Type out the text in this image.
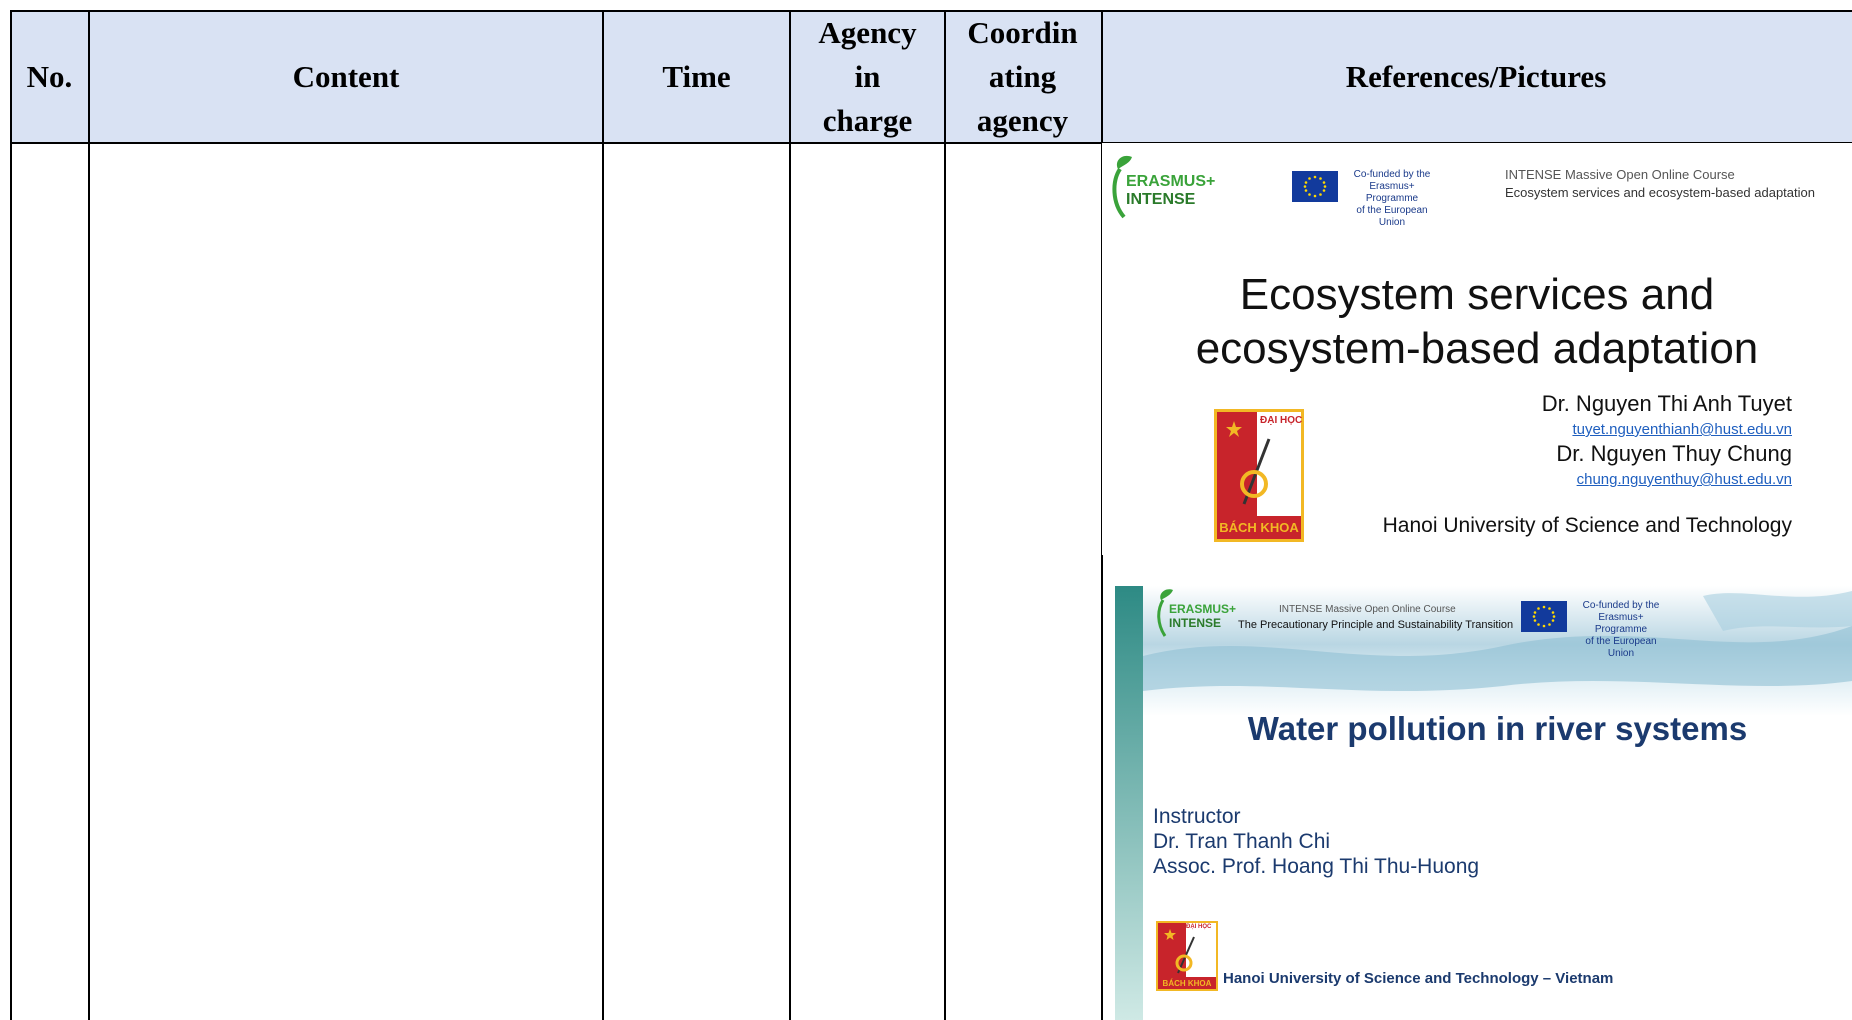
No.	Content	Time
Agency
in
charge
Coordin
ating
agency
References/Pictures
ERASMUS+
INTENSE
Co-funded by the
Erasmus+ Programme
of the European Union
INTENSE Massive Open Online Course
Ecosystem services and ecosystem-based adaptation
Ecosystem services and
ecosystem-based adaptation
ĐẠI HỌC
BÁCH KHOA
Dr. Nguyen Thi Anh Tuyet
tuyet.nguyenthianh@hust.edu.vn
Dr. Nguyen Thuy Chung
chung.nguyenthuy@hust.edu.vn
Hanoi University of Science and Technology
ERASMUS+
INTENSE
INTENSE Massive Open Online Course
The Precautionary Principle and Sustainability Transition
Co-funded by the
Erasmus+ Programme
of the European Union
Water pollution in river systems
Instructor
Dr. Tran Thanh Chi
Assoc. Prof. Hoang Thi Thu-Huong
ĐẠI HỌC
BÁCH KHOA Hanoi University of Science and Technology – Vietnam
